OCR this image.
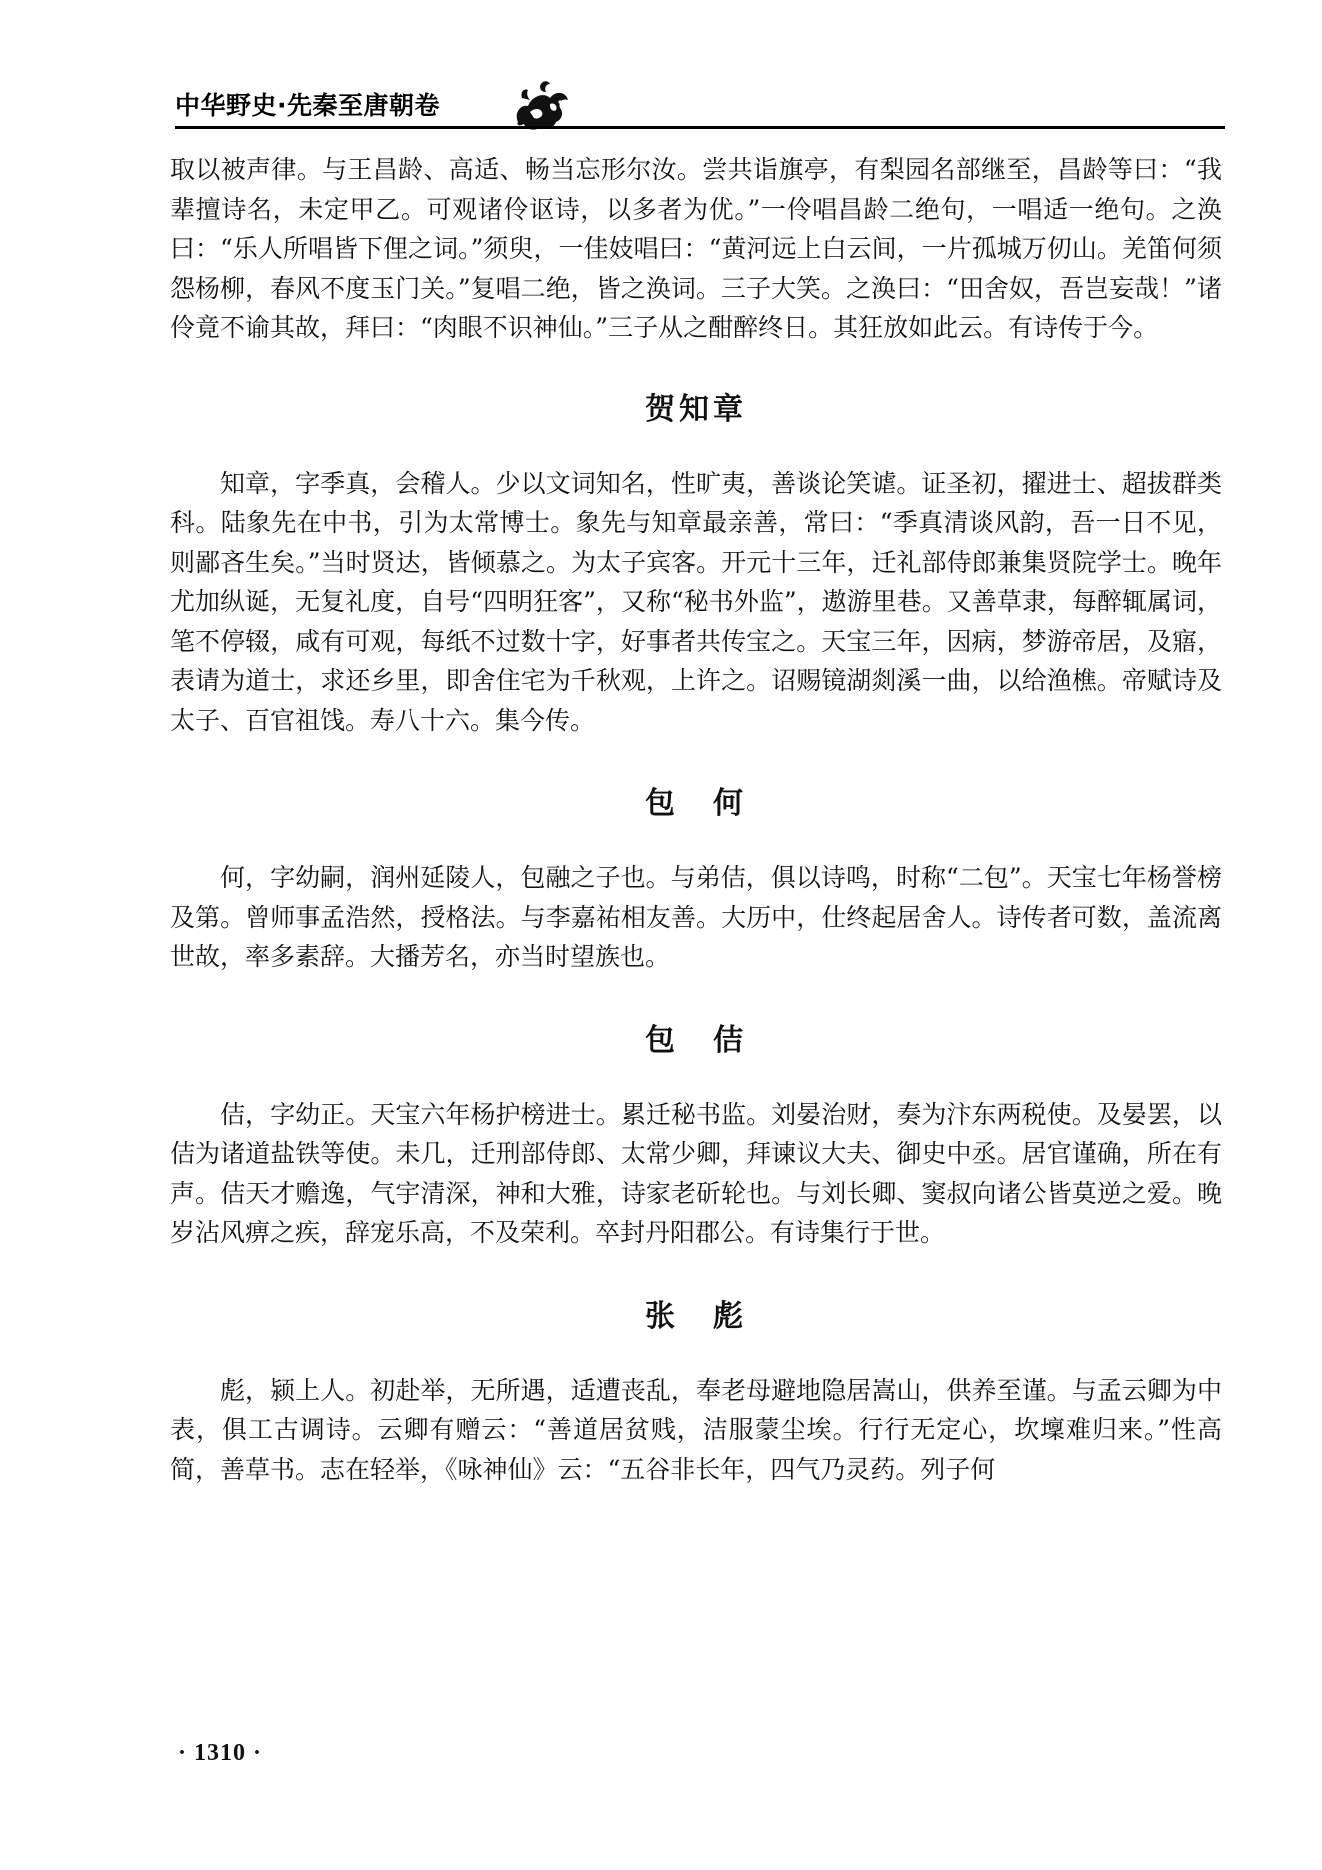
中华野史·先秦至唐朝卷

取以被声律。与王昌龄、高适、畅当忘形尔汝。尝共诣旗亭，有梨园名部继至，昌龄等曰：“我辈擅诗名，未定甲乙。可观诸伶讴诗，以多者为优。”一伶唱昌龄二绝句，一唱适一绝句。之涣曰：“乐人所唱皆下俚之词。”须臾，一佳妓唱曰：“黄河远上白云间，一片孤城万仞山。羌笛何须怨杨柳，春风不度玉门关。”复唱二绝，皆之涣词。三子大笑。之涣曰：“田舍奴，吾岂妄哉！”诸伶竟不谕其故，拜曰：“肉眼不识神仙。”三子从之酣醉终日。其狂放如此云。有诗传于今。

贺知章

知章，字季真，会稽人。少以文词知名，性旷夷，善谈论笑谑。证圣初，擢进士、超拔群类科。陆象先在中书，引为太常博士。象先与知章最亲善，常曰：“季真清谈风韵，吾一日不见，则鄙吝生矣。”当时贤达，皆倾慕之。为太子宾客。开元十三年，迁礼部侍郎兼集贤院学士。晚年尤加纵诞，无复礼度，自号“四明狂客”，又称“秘书外监”，遨游里巷。又善草隶，每醉辄属词，笔不停辍，咸有可观，每纸不过数十字，好事者共传宝之。天宝三年，因病，梦游帝居，及寤，表请为道士，求还乡里，即舍住宅为千秋观，上许之。诏赐镜湖剡溪一曲，以给渔樵。帝赋诗及太子、百官祖饯。寿八十六。集今传。

包　何

何，字幼嗣，润州延陵人，包融之子也。与弟佶，俱以诗鸣，时称“二包”。天宝七年杨誉榜及第。曾师事孟浩然，授格法。与李嘉祐相友善。大历中，仕终起居舍人。诗传者可数，盖流离世故，率多素辞。大播芳名，亦当时望族也。

包　佶

佶，字幼正。天宝六年杨护榜进士。累迁秘书监。刘晏治财，奏为汴东两税使。及晏罢，以佶为诸道盐铁等使。未几，迁刑部侍郎、太常少卿，拜谏议大夫、御史中丞。居官谨确，所在有声。佶天才赡逸，气宇清深，神和大雅，诗家老斫轮也。与刘长卿、窦叔向诸公皆莫逆之爱。晚岁沾风痹之疾，辞宠乐高，不及荣利。卒封丹阳郡公。有诗集行于世。

张　彪

彪，颍上人。初赴举，无所遇，适遭丧乱，奉老母避地隐居嵩山，供养至谨。与孟云卿为中表，俱工古调诗。云卿有赠云：“善道居贫贱，洁服蒙尘埃。行行无定心，坎壈难归来。”性高简，善草书。志在轻举，《咏神仙》云：“五谷非长年，四气乃灵药。列子何

· 1310 ·
